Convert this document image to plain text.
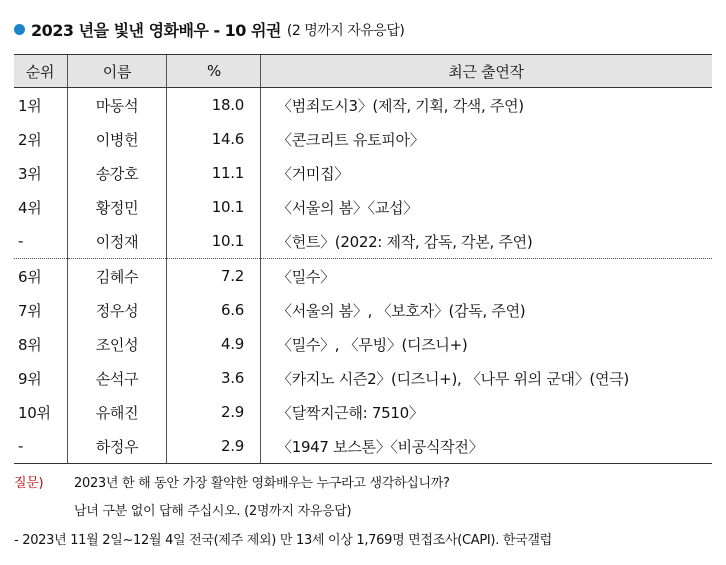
2023 년을 빛낸 영화배우 - 10 위권 (2 명까지 자유응답)
순위	이름	%	최근 출연작
1위	마동석	18.0	〈범죄도시3〉(제작, 기획, 각색, 주연)
2위	이병헌	14.6	〈콘크리트 유토피아〉
3위	송강호	11.1	〈거미집〉
4위	황정민	10.1	〈서울의 봄〉〈교섭〉
-	이정재	10.1	〈헌트〉(2022: 제작, 감독, 각본, 주연)
6위	김혜수	7.2	〈밀수〉
7위	정우성	6.6	〈서울의 봄〉, 〈보호자〉(감독, 주연)
8위	조인성	4.9	〈밀수〉, 〈무빙〉(디즈니+)
9위	손석구	3.6	〈카지노 시즌2〉(디즈니+), 〈나무 위의 군대〉(연극)
10위	유해진	2.9	〈달짝지근해: 7510〉
-	하정우	2.9	〈1947 보스톤〉〈비공식작전〉
질문) 2023년 한 해 동안 가장 활약한 영화배우는 누구라고 생각하십니까?
남녀 구분 없이 답해 주십시오. (2명까지 자유응답)
- 2023년 11월 2일~12월 4일 전국(제주 제외) 만 13세 이상 1,769명 면접조사(CAPI). 한국갤럽
